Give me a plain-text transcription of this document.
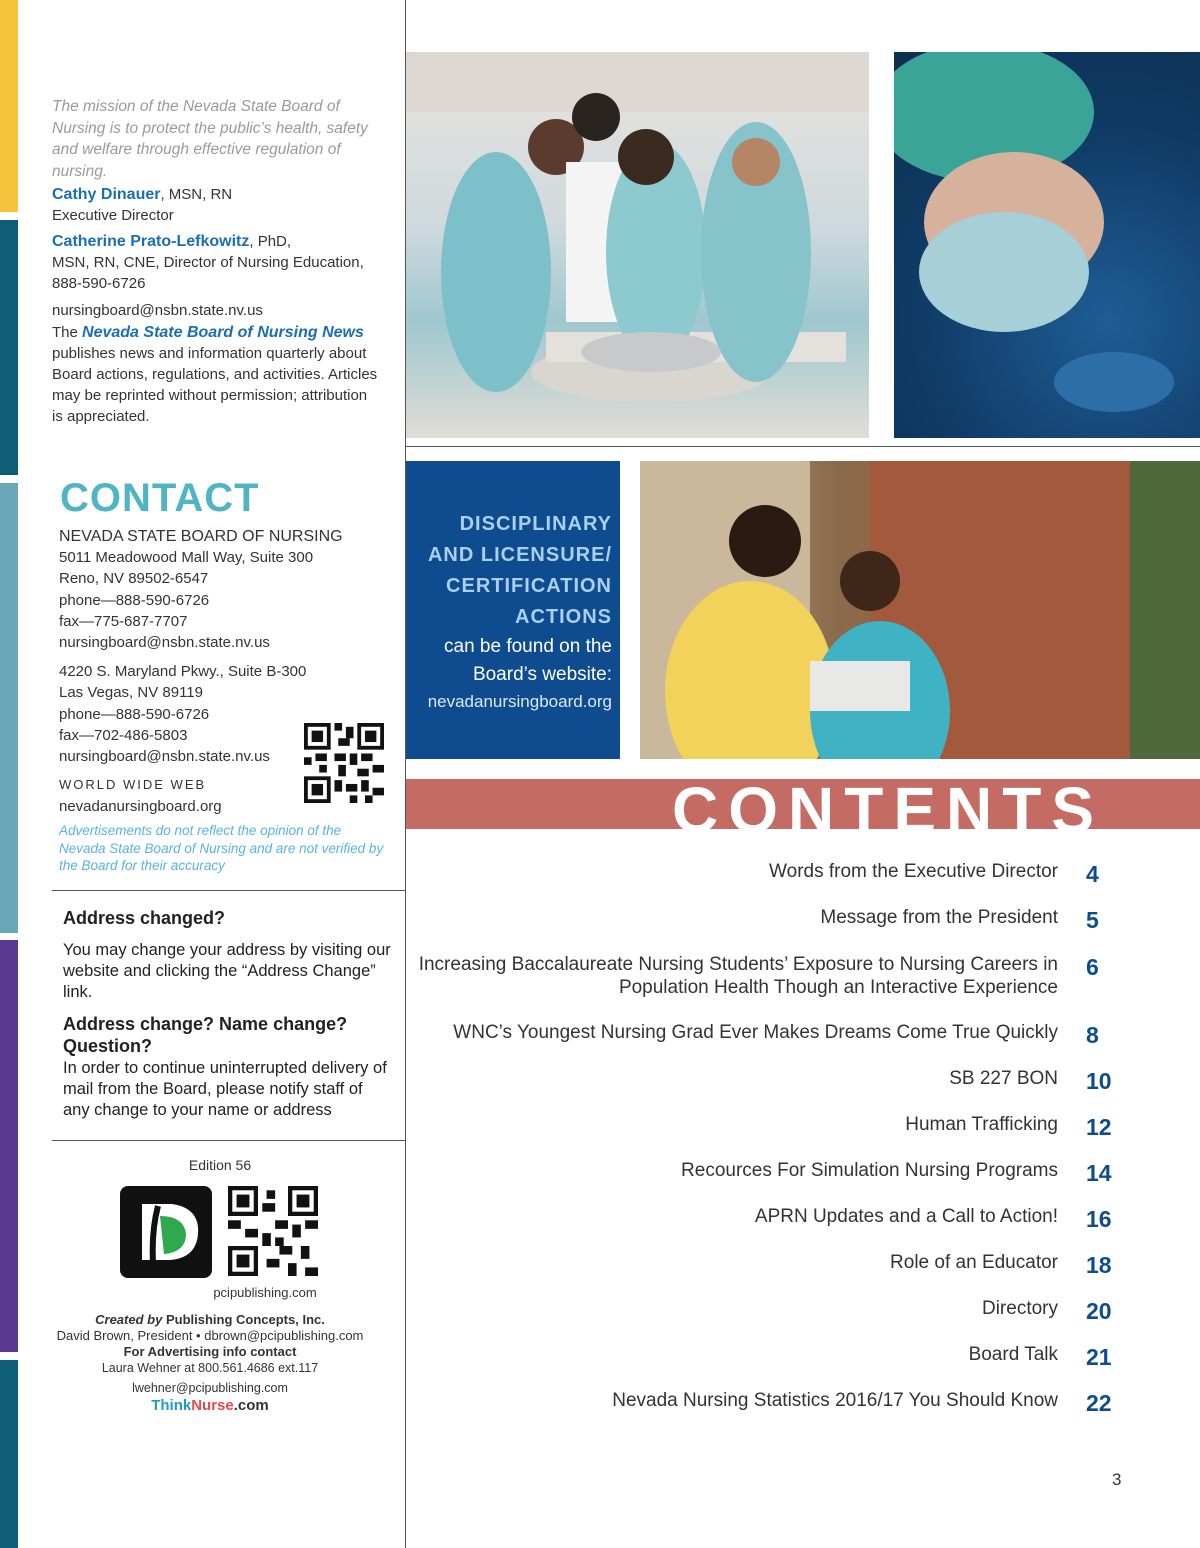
The mission of the Nevada State Board of Nursing is to protect the public’s health, safety and welfare through effective regulation of nursing.
Cathy Dinauer, MSN, RN
Executive Director
Catherine Prato-Lefkowitz, PhD,
MSN, RN, CNE, Director of Nursing Education, 888-590-6726
nursingboard@nsbn.state.nv.us
The Nevada State Board of Nursing News publishes news and information quarterly about Board actions, regulations, and activities. Articles may be reprinted without permission; attribution is appreciated.
CONTACT
NEVADA STATE BOARD OF NURSING
5011 Meadowood Mall Way, Suite 300
Reno, NV 89502-6547
phone—888-590-6726
fax—775-687-7707
nursingboard@nsbn.state.nv.us
4220 S. Maryland Pkwy., Suite B-300
Las Vegas, NV 89119
phone—888-590-6726
fax—702-486-5803
nursingboard@nsbn.state.nv.us
WORLD WIDE WEB
nevadanursingboard.org
Advertisements do not reflect the opinion of the Nevada State Board of Nursing and are not verified by the Board for their accuracy
Address changed?
You may change your address by visiting our website and clicking the “Address Change” link.
Address change? Name change? Question?
In order to continue uninterrupted delivery of mail from the Board, please notify staff of any change to your name or address
Edition 56
pcipublishing.com
Created by Publishing Concepts, Inc.
David Brown, President • dbrown@pcipublishing.com
For Advertising info contact
Laura Wehner at 800.561.4686 ext.117
lwehner@pcipublishing.com
ThinkNurse.com
DISCIPLINARY
AND LICENSURE/
CERTIFICATION
ACTIONS
can be found on the
Board’s website:
nevadanursingboard.org
CONTENTS
Words from the Executive Director 4
Message from the President 5
Increasing Baccalaureate Nursing Students’ Exposure to Nursing Careers in Population Health Though an Interactive Experience
6
WNC’s Youngest Nursing Grad Ever Makes Dreams Come True Quickly 8
SB 227 BON 10
Human Trafficking 12
Recources For Simulation Nursing Programs 14
APRN Updates and a Call to Action! 16
Role of an Educator 18
Directory 20
Board Talk 21
Nevada Nursing Statistics 2016/17 You Should Know 22
3
